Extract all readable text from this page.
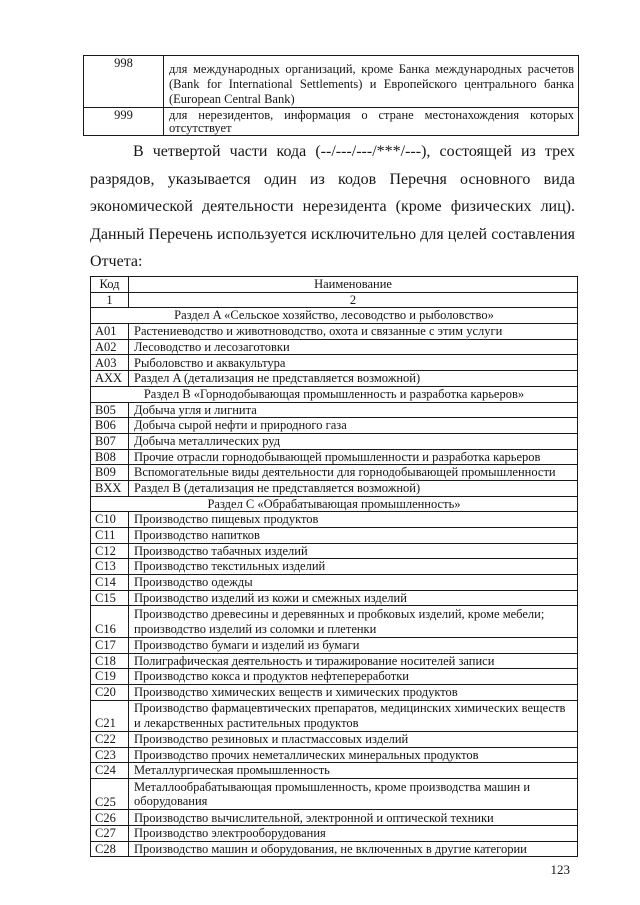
998	для международных организаций, кроме Банка международных расчетов
(Bank for International Settlements) и Европейского центрального банка
(European Central Bank)

999	для нерезидентов, информация о стране местонахождения которых
отсутствует
В четвертой части кода (--/---/---/***/---), состоящей из трех
разрядов, указывается один из кодов Перечня основного вида
экономической деятельности нерезидента (кроме физических лиц).
Данный Перечень используется исключительно для целей составления
Отчета:
Код	Наименование
1	2
Раздел A «Сельское хозяйство, лесоводство и рыболовство»	
A01	Растениеводство и животноводство, охота и связанные с этим услуги

A02	Лесоводство и лесозаготовки

A03	Рыболовство и аквакультура

AXX	Раздел A (детализация не представляется возможной)

Раздел B «Горнодобывающая промышленность и разработка карьеров»	
B05	Добыча угля и лигнита

B06	Добыча сырой нефти и природного газа

B07	Добыча металлических руд

B08	Прочие отрасли горнодобывающей промышленности и разработка карьеров

B09	Вспомогательные виды деятельности для горнодобывающей промышленности

BXX	Раздел B (детализация не представляется возможной)

Раздел C «Обрабатывающая промышленность»	
C10	Производство пищевых продуктов

C11	Производство напитков

C12	Производство табачных изделий

C13	Производство текстильных изделий

C14	Производство одежды

C15	Производство изделий из кожи и смежных изделий

C16	Производство древесины и деревянных и пробковых изделий, кроме мебели;
производство изделий из соломки и плетенки

C17	Производство бумаги и изделий из бумаги

C18	Полиграфическая деятельность и тиражирование носителей записи

C19	Производство кокса и продуктов нефтепереработки

C20	Производство химических веществ и химических продуктов

C21	Производство фармацевтических препаратов, медицинских химических веществ
и лекарственных растительных продуктов

C22	Производство резиновых и пластмассовых изделий

C23	Производство прочих неметаллических минеральных продуктов

C24	Металлургическая промышленность

C25	Металлообрабатывающая промышленность, кроме производства машин и
оборудования

C26	Производство вычислительной, электронной и оптической техники

C27	Производство электрооборудования

C28	Производство машин и оборудования, не включенных в другие категории
123
